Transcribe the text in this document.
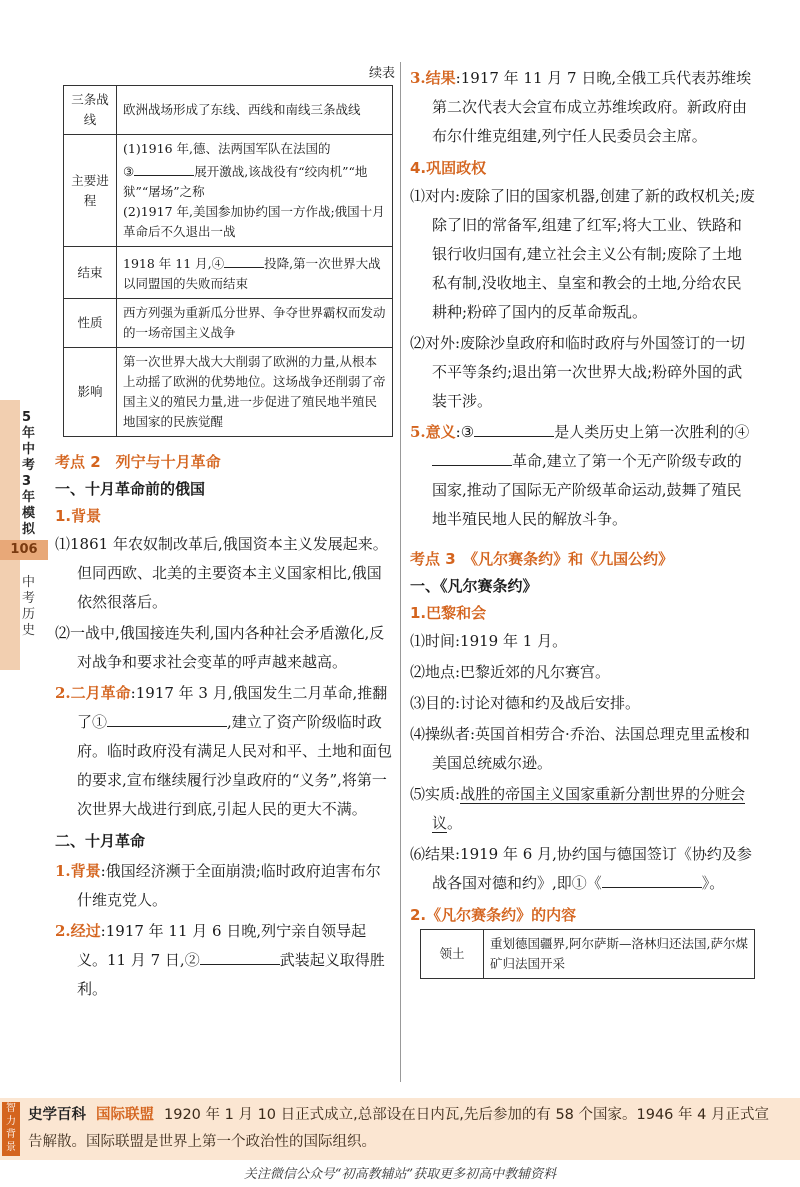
5年中考3年模拟
106
中考历史
续表
三条战线	欧洲战场形成了东线、西线和南线三条战线
主要进程	(1)1916 年,德、法两国军队在法国的
③ 展开激战,该战役有“绞肉机”“地狱”“屠场”之称
(2)1917 年,美国参加协约国一方作战;俄国十月革命后不久退出一战
结束	1918 年 11 月,④ 投降,第一次世界大战以同盟国的失败而结束
性质	西方列强为重新瓜分世界、争夺世界霸权而发动的一场帝国主义战争
影响	第一次世界大战大大削弱了欧洲的力量,从根本上动摇了欧洲的优势地位。这场战争还削弱了帝国主义的殖民力量,进一步促进了殖民地半殖民地国家的民族觉醒
考点 2　列宁与十月革命
一、十月革命前的俄国
1.背景
⑴1861 年农奴制改革后,俄国资本主义发展起来。但同西欧、北美的主要资本主义国家相比,俄国依然很落后。
⑵一战中,俄国接连失利,国内各种社会矛盾激化,反对战争和要求社会变革的呼声越来越高。
2.二月革命:1917 年 3 月,俄国发生二月革命,推翻了①	,建立了资产阶级临时政府。临时政府没有满足人民对和平、土地和面包的要求,宣布继续履行沙皇政府的“义务”,将第一次世界大战进行到底,引起人民的更大不满。
二、十月革命
1.背景:俄国经济濒于全面崩溃;临时政府迫害布尔什维克党人。
2.经过:1917 年 11 月 6 日晚,列宁亲自领导起义。11 月 7 日,②	武装起义取得胜利。
3.结果:1917 年 11 月 7 日晚,全俄工兵代表苏维埃第二次代表大会宣布成立苏维埃政府。新政府由布尔什维克组建,列宁任人民委员会主席。
4.巩固政权
⑴对内:废除了旧的国家机器,创建了新的政权机关;废除了旧的常备军,组建了红军;将大工业、铁路和银行收归国有,建立社会主义公有制;废除了土地私有制,没收地主、皇室和教会的土地,分给农民耕种;粉碎了国内的反革命叛乱。
⑵对外:废除沙皇政府和临时政府与外国签订的一切不平等条约;退出第一次世界大战;粉碎外国的武装干涉。
5.意义:③	是人类历史上第一次胜利的④革命,建立了第一个无产阶级专政的国家,推动了国际无产阶级革命运动,鼓舞了殖民地半殖民地人民的解放斗争。
考点 3　《凡尔赛条约》和《九国公约》
一、《凡尔赛条约》
1.巴黎和会
⑴时间:1919 年 1 月。
⑵地点:巴黎近郊的凡尔赛宫。
⑶目的:讨论对德和约及战后安排。
⑷操纵者:英国首相劳合·乔治、法国总理克里孟梭和美国总统威尔逊。
⑸实质:战胜的帝国主义国家重新分割世界的分赃会议。
⑹结果:1919 年 6 月,协约国与德国签订《协约及参战各国对德和约》,即①《	》。
2.《凡尔赛条约》的内容
领土	重划德国疆界,阿尔萨斯—洛林归还法国,萨尔煤矿归法国开采
智力背景
史学百科 国际联盟 1920 年 1 月 10 日正式成立,总部设在日内瓦,先后参加的有 58 个国家。1946 年 4 月正式宣告解散。国际联盟是世界上第一个政治性的国际组织。
关注微信公众号“初高教辅站”获取更多初高中教辅资料
